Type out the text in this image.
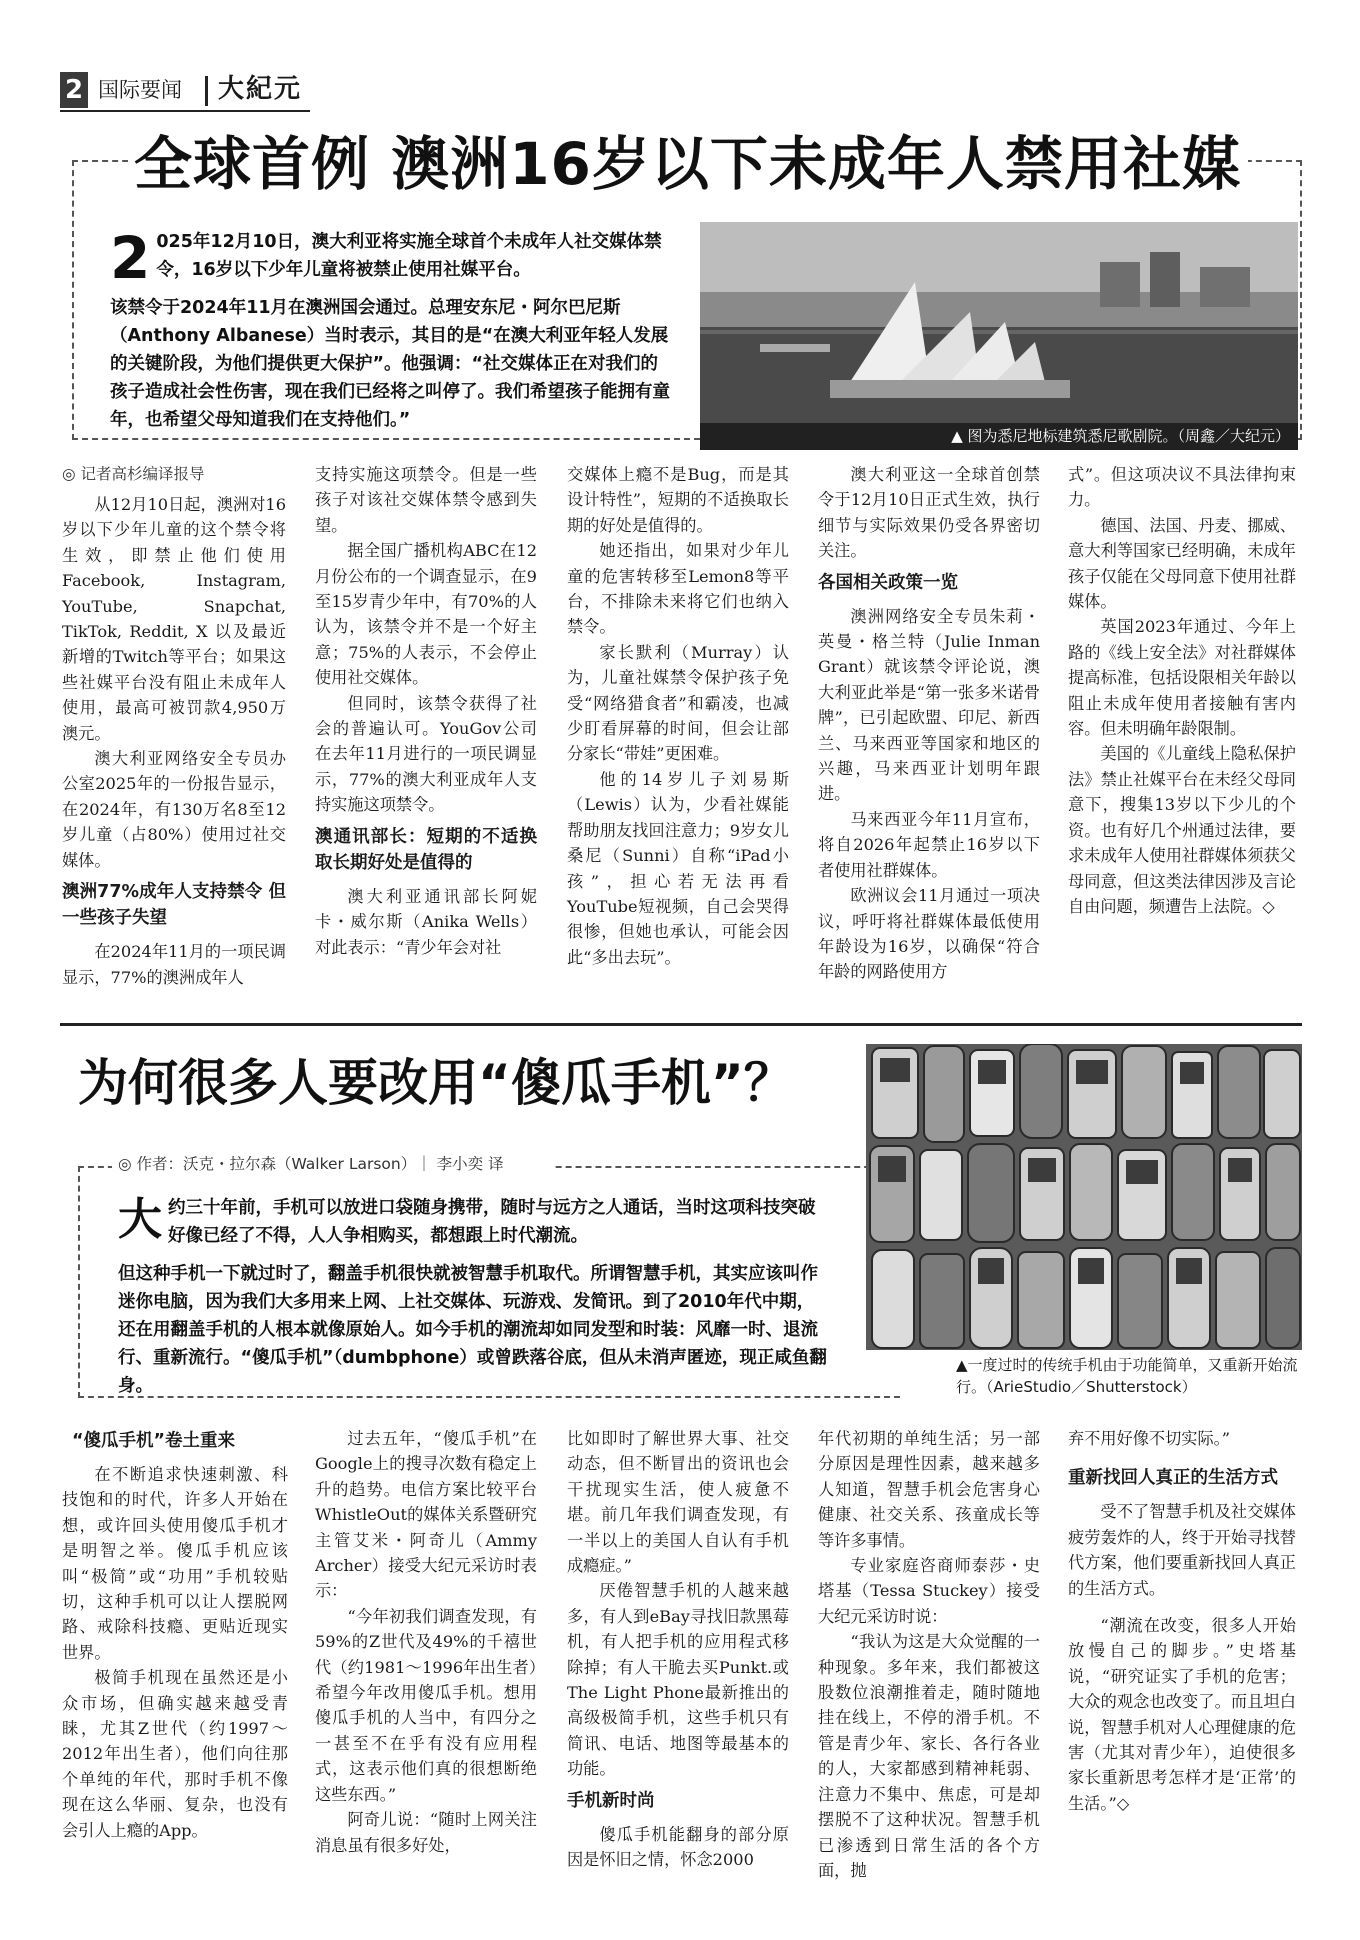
2 国际要闻 大紀元
全球首例 澳洲16岁以下未成年人禁用社媒

2 025年12月10日，澳大利亚将实施全球首个未成年人社交媒体禁令，16岁以下少年儿童将被禁止使用社媒平台。

该禁令于2024年11月在澳洲国会通过。总理安东尼・阿尔巴尼斯（Anthony Albanese）当时表示，其目的是“在澳大利亚年轻人发展的关键阶段，为他们提供更大保护”。他强调：“社交媒体正在对我们的孩子造成社会性伤害，现在我们已经将之叫停了。我们希望孩子能拥有童年，也希望父母知道我们在支持他们。”

▲ 图为悉尼地标建筑悉尼歌剧院。（周鑫／大纪元）
◎ 记者高杉编译报导

从12月10日起，澳洲对16岁以下少年儿童的这个禁令将生效，即禁止他们使用Facebook, Instagram, YouTube, Snapchat, TikTok, Reddit, X 以及最近新增的Twitch等平台；如果这些社媒平台没有阻止未成年人使用，最高可被罚款4,950万澳元。

澳大利亚网络安全专员办公室2025年的一份报告显示，在2024年，有130万名8至12岁儿童（占80%）使用过社交媒体。

澳洲77%成年人支持禁令 但一些孩子失望

在2024年11月的一项民调显示，77%的澳洲成年人

支持实施这项禁令。但是一些孩子对该社交媒体禁令感到失望。

据全国广播机构ABC在12月份公布的一个调查显示，在9至15岁青少年中，有70%的人认为，该禁令并不是一个好主意；75%的人表示，不会停止使用社交媒体。

但同时，该禁令获得了社会的普遍认可。YouGov公司在去年11月进行的一项民调显示，77%的澳大利亚成年人支持实施这项禁令。

澳通讯部长：短期的不适换取长期好处是值得的

澳大利亚通讯部长阿妮卡・威尔斯（Anika Wells）对此表示：“青少年会对社

交媒体上瘾不是Bug，而是其设计特性”，短期的不适换取长期的好处是值得的。

她还指出，如果对少年儿童的危害转移至Lemon8等平台，不排除未来将它们也纳入禁令。

家长默利（Murray）认为，儿童社媒禁令保护孩子免受“网络猎食者”和霸凌，也减少盯看屏幕的时间，但会让部分家长“带娃”更困难。

他的14岁儿子刘易斯（Lewis）认为，少看社媒能帮助朋友找回注意力；9岁女儿桑尼（Sunni）自称“iPad小孩”，担心若无法再看YouTube短视频，自己会哭得很惨，但她也承认，可能会因此“多出去玩”。

澳大利亚这一全球首创禁令于12月10日正式生效，执行细节与实际效果仍受各界密切关注。

各国相关政策一览

澳洲网络安全专员朱莉・英曼・格兰特（Julie Inman Grant）就该禁令评论说，澳大利亚此举是“第一张多米诺骨牌”，已引起欧盟、印尼、新西兰、马来西亚等国家和地区的兴趣，马来西亚计划明年跟进。

马来西亚今年11月宣布，将自2026年起禁止16岁以下者使用社群媒体。

欧洲议会11月通过一项决议，呼吁将社群媒体最低使用年龄设为16岁，以确保“符合年龄的网路使用方

式”。但这项决议不具法律拘束力。

德国、法国、丹麦、挪威、意大利等国家已经明确，未成年孩子仅能在父母同意下使用社群媒体。

英国2023年通过、今年上路的《线上安全法》对社群媒体提高标准，包括设限相关年龄以阻止未成年使用者接触有害内容。但未明确年龄限制。

美国的《儿童线上隐私保护法》禁止社媒平台在未经父母同意下，搜集13岁以下少儿的个资。也有好几个州通过法律，要求未成年人使用社群媒体须获父母同意，但这类法律因涉及言论自由问题，频遭告上法院。◇

为何很多人要改用“傻瓜手机”？
◎ 作者：沃克・拉尔森（Walker Larson）｜ 李小奕 译

大约三十年前，手机可以放进口袋随身携带，随时与远方之人通话，当时这项科技突破好像已经了不得，人人争相购买，都想跟上时代潮流。

但这种手机一下就过时了，翻盖手机很快就被智慧手机取代。所谓智慧手机，其实应该叫作迷你电脑，因为我们大多用来上网、上社交媒体、玩游戏、发简讯。到了2010年代中期，还在用翻盖手机的人根本就像原始人。如今手机的潮流却如同发型和时装：风靡一时、退流行、重新流行。“傻瓜手机”（dumbphone）或曾跌落谷底，但从未消声匿迹，现正咸鱼翻身。

▲一度过时的传统手机由于功能简单，又重新开始流行。（ArieStudio／Shutterstock）
“傻瓜手机”卷土重来

在不断追求快速刺激、科技饱和的时代，许多人开始在想，或许回头使用傻瓜手机才是明智之举。傻瓜手机应该叫“极简”或“功用”手机较贴切，这种手机可以让人摆脱网路、戒除科技瘾、更贴近现实世界。

极简手机现在虽然还是小众市场，但确实越来越受青睐，尤其Z世代（约1997～2012年出生者），他们向往那个单纯的年代，那时手机不像现在这么华丽、复杂，也没有会引人上瘾的App。

过去五年，“傻瓜手机”在Google上的搜寻次数有稳定上升的趋势。电信方案比较平台WhistleOut的媒体关系暨研究主管艾米・阿奇儿（Ammy Archer）接受大纪元采访时表示：

“今年初我们调查发现，有59%的Z世代及49%的千禧世代（约1981～1996年出生者）希望今年改用傻瓜手机。想用傻瓜手机的人当中，有四分之一甚至不在乎有没有应用程式，这表示他们真的很想断绝这些东西。”

阿奇儿说：“随时上网关注消息虽有很多好处，

比如即时了解世界大事、社交动态，但不断冒出的资讯也会干扰现实生活，使人疲惫不堪。前几年我们调查发现，有一半以上的美国人自认有手机成瘾症。”

厌倦智慧手机的人越来越多，有人到eBay寻找旧款黑莓机，有人把手机的应用程式移除掉；有人干脆去买Punkt.或 The Light Phone最新推出的高级极简手机，这些手机只有简讯、电话、地图等最基本的功能。

手机新时尚

傻瓜手机能翻身的部分原因是怀旧之情，怀念2000

年代初期的单纯生活；另一部分原因是理性因素，越来越多人知道，智慧手机会危害身心健康、社交关系、孩童成长等等许多事情。

专业家庭咨商师泰莎・史塔基（Tessa Stuckey）接受大纪元采访时说：

“我认为这是大众觉醒的一种现象。多年来，我们都被这股数位浪潮推着走，随时随地挂在线上，不停的滑手机。不管是青少年、家长、各行各业的人，大家都感到精神耗弱、注意力不集中、焦虑，可是却摆脱不了这种状况。智慧手机已渗透到日常生活的各个方面，抛

弃不用好像不切实际。”

重新找回人真正的生活方式

受不了智慧手机及社交媒体疲劳轰炸的人，终于开始寻找替代方案，他们要重新找回人真正的生活方式。

“潮流在改变，很多人开始放慢自己的脚步。”史塔基说，“研究证实了手机的危害；大众的观念也改变了。而且坦白说，智慧手机对人心理健康的危害（尤其对青少年），迫使很多家长重新思考怎样才是‘正常’的生活。”◇
